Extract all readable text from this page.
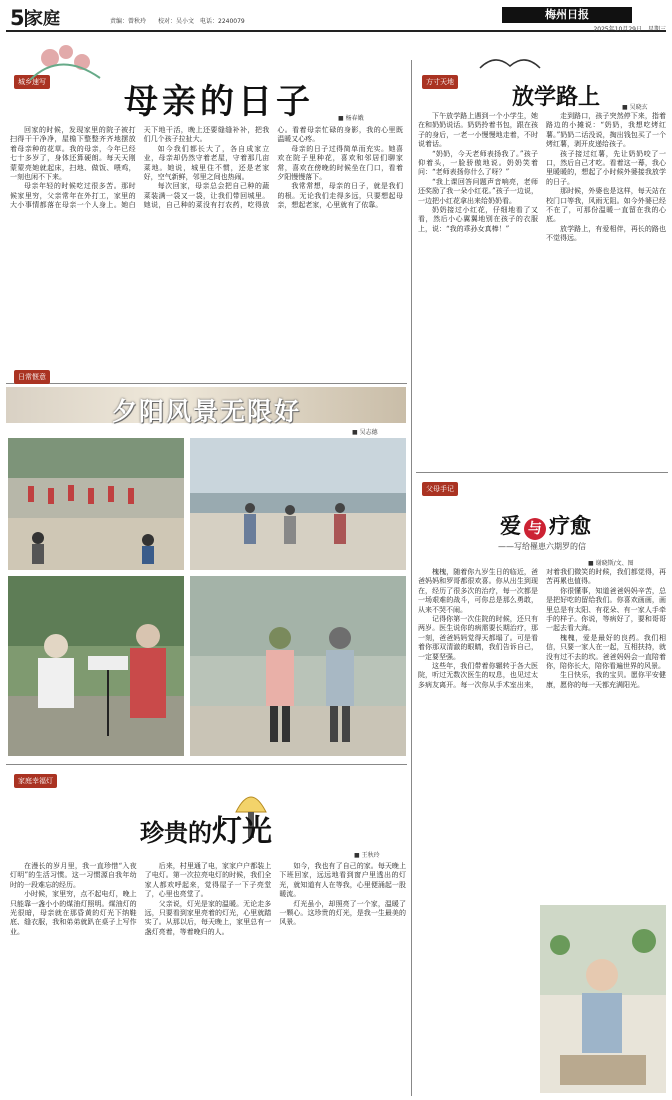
5 家庭	责编：曾秋玲　　校对：吴小文　电话：2240079
梅州日报
2025年10月29日　星期三
城乡速写 母亲的日子	■ 杨春娥

回家的时候，发现家里的院子被打扫得干干净净，屋檐下整整齐齐地摆放着母亲种的花草。我的母亲，今年已经七十多岁了，身体还算硬朗。每天天刚蒙蒙亮她就起床，扫地、做饭、喂鸡，一刻也闲不下来。

母亲年轻的时候吃过很多苦。那时候家里穷，父亲常年在外打工，家里的大小事情都落在母亲一个人身上。她白天下地干活，晚上还要缝缝补补，把我们几个孩子拉扯大。

如今我们都长大了，各自成家立业，母亲却仍然守着老屋，守着那几亩菜地。她说，城里住不惯，还是老家好，空气新鲜，邻里之间也热闹。

每次回家，母亲总会把自己种的蔬菜装满一袋又一袋，让我们带回城里。她说，自己种的菜没有打农药，吃得放心。看着母亲忙碌的身影，我的心里既温暖又心疼。

母亲的日子过得简单而充实。她喜欢在院子里种花，喜欢和邻居们聊家常，喜欢在傍晚的时候坐在门口，看着夕阳慢慢落下。

我常常想，母亲的日子，就是我们的根。无论我们走得多远，只要想起母亲，想起老家，心里就有了依靠。

方寸天地
放学路上	■ 吴晓玄

下午放学路上遇到一个小学生，她在和奶奶说话。奶奶拎着书包，跟在孩子的身后，一老一小慢慢地走着，不时说着话。

“奶奶，今天老师表扬我了。”孩子仰着头，一脸骄傲地说。奶奶笑着问：“老师表扬你什么了呀？”

“我上课回答问题声音响亮，老师还奖励了我一朵小红花。”孩子一边说，一边把小红花拿出来给奶奶看。

奶奶接过小红花，仔细地看了又看，然后小心翼翼地别在孩子的衣服上，说：“我的乖孙女真棒！”

走到路口，孩子突然停下来，指着路边的小摊说：“奶奶，我想吃烤红薯。”奶奶二话没说，掏出钱包买了一个烤红薯，剥开皮递给孩子。

孩子接过红薯，先让奶奶咬了一口，然后自己才吃。看着这一幕，我心里暖暖的，想起了小时候外婆接我放学的日子。

那时候，外婆也是这样，每天站在校门口等我，风雨无阻。如今外婆已经不在了，可那份温暖一直留在我的心底。

放学路上，有爱相伴，再长的路也不觉得远。

日常惬意
夕阳风景无限好
■ 吴志德
父母手记
爱 与 疗愈
——写给罹患六期罗的信
■ 谢晓斯/文、图

槐槐，随着你九岁生日的临近，爸爸妈妈和罗哥都很欢喜。你从出生到现在，经历了很多次的治疗，每一次都是一场艰难的战斗，可你总是那么勇敢，从来不哭不闹。

记得你第一次住院的时候，还只有两岁。医生说你的病需要长期治疗，那一刻，爸爸妈妈觉得天都塌了。可是看着你那双清澈的眼睛，我们告诉自己，一定要坚强。

这些年，我们带着你辗转于各大医院，听过无数次医生的叹息，也见过太多病友离开。每一次你从手术室出来，对着我们微笑的时候，我们都觉得，再苦再累也值得。

你很懂事，知道爸爸妈妈辛苦，总是把好吃的留给我们。你喜欢画画，画里总是有太阳、有花朵、有一家人手牵手的样子。你说，等病好了，要和哥哥一起去看大海。

槐槐，爱是最好的良药。我们相信，只要一家人在一起，互相扶持，就没有过不去的坎。爸爸妈妈会一直陪着你，陪你长大，陪你看遍世界的风景。

生日快乐，我的宝贝。愿你平安健康，愿你的每一天都充满阳光。

家庭幸福灯
珍贵的灯光
■ 王秋玲

在漫长的岁月里，我一直珍惜“入夜灯明”的生活习惯。这一习惯源自我年幼时的一段难忘的经历。

小时候，家里穷，点不起电灯，晚上只能靠一盏小小的煤油灯照明。煤油灯的光很暗，母亲就在那昏黄的灯光下纳鞋底、缝衣服，我和弟弟就趴在桌子上写作业。

后来，村里通了电，家家户户都装上了电灯。第一次拉亮电灯的时候，我们全家人都欢呼起来，觉得屋子一下子亮堂了，心里也亮堂了。

父亲说，灯光是家的温暖。无论走多远，只要看到家里亮着的灯光，心里就踏实了。从那以后，每天晚上，家里总有一盏灯亮着，等着晚归的人。

如今，我也有了自己的家。每天晚上下班回家，远远地看到窗户里透出的灯光，就知道有人在等我，心里便涌起一股暖流。

灯光虽小，却照亮了一个家，温暖了一颗心。这珍贵的灯光，是我一生最美的风景。
